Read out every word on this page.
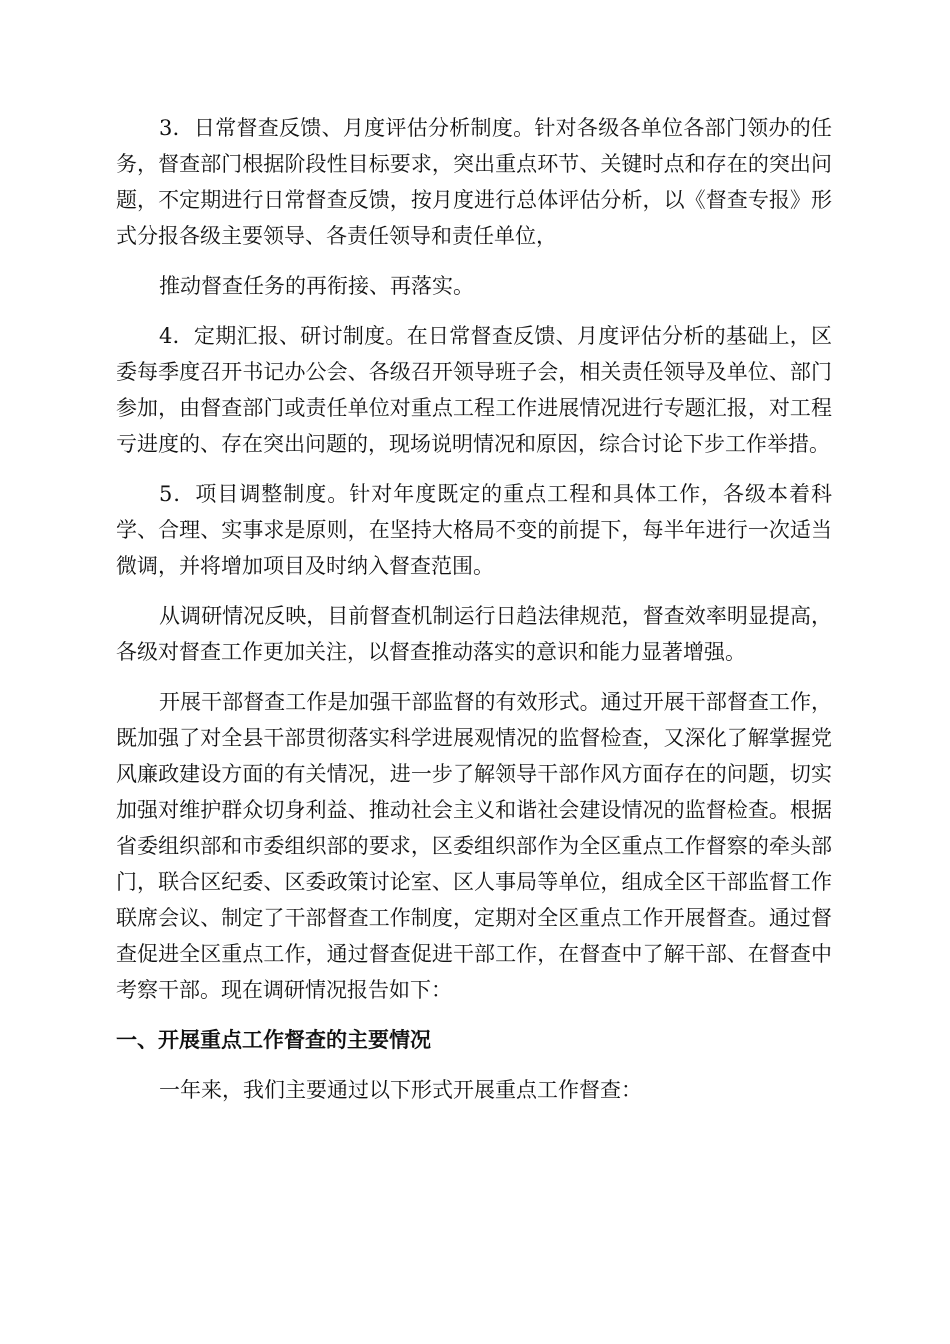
3．日常督查反馈、月度评估分析制度。针对各级各单位各部门领办的任务，督查部门根据阶段性目标要求，突出重点环节、关键时点和存在的突出问题，不定期进行日常督查反馈，按月度进行总体评估分析，以《督查专报》形式分报各级主要领导、各责任领导和责任单位，

推动督查任务的再衔接、再落实。

4．定期汇报、研讨制度。在日常督查反馈、月度评估分析的基础上，区委每季度召开书记办公会、各级召开领导班子会，相关责任领导及单位、部门参加，由督查部门或责任单位对重点工程工作进展情况进行专题汇报，对工程亏进度的、存在突出问题的，现场说明情况和原因，综合讨论下步工作举措。

5．项目调整制度。针对年度既定的重点工程和具体工作，各级本着科学、合理、实事求是原则，在坚持大格局不变的前提下，每半年进行一次适当微调，并将增加项目及时纳入督查范围。

从调研情况反映，目前督查机制运行日趋法律规范，督查效率明显提高，各级对督查工作更加关注，以督查推动落实的意识和能力显著增强。

开展干部督查工作是加强干部监督的有效形式。通过开展干部督查工作，既加强了对全县干部贯彻落实科学进展观情况的监督检查，又深化了解掌握党风廉政建设方面的有关情况，进一步了解领导干部作风方面存在的问题，切实加强对维护群众切身利益、推动社会主义和谐社会建设情况的监督检查。根据省委组织部和市委组织部的要求，区委组织部作为全区重点工作督察的牵头部门，联合区纪委、区委政策讨论室、区人事局等单位，组成全区干部监督工作联席会议、制定了干部督查工作制度，定期对全区重点工作开展督查。通过督查促进全区重点工作，通过督查促进干部工作，在督查中了解干部、在督查中考察干部。现在调研情况报告如下：

一、开展重点工作督查的主要情况

一年来，我们主要通过以下形式开展重点工作督查：
